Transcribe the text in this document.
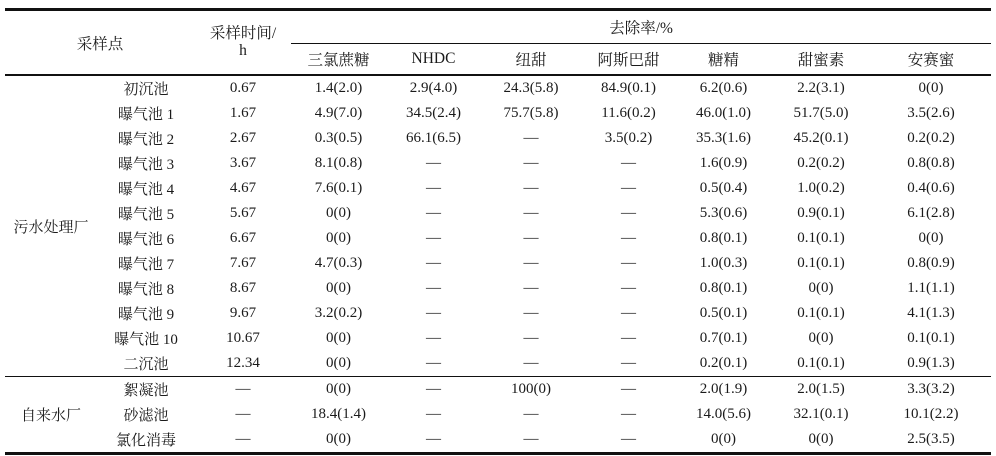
采样点		采样时间/
h	去除率/%						
			三氯蔗糖	NHDC	纽甜	阿斯巴甜	糖精	甜蜜素	安赛蜜
污水处理厂	初沉池	0.67	1.4(2.0)	2.9(4.0)	24.3(5.8)	84.9(0.1)	6.2(0.6)	2.2(3.1)	0(0)
	曝气池 1	1.67	4.9(7.0)	34.5(2.4)	75.7(5.8)	11.6(0.2)	46.0(1.0)	51.7(5.0)	3.5(2.6)
	曝气池 2	2.67	0.3(0.5)	66.1(6.5)	—	3.5(0.2)	35.3(1.6)	45.2(0.1)	0.2(0.2)
	曝气池 3	3.67	8.1(0.8)	—	—	—	1.6(0.9)	0.2(0.2)	0.8(0.8)
	曝气池 4	4.67	7.6(0.1)	—	—	—	0.5(0.4)	1.0(0.2)	0.4(0.6)
	曝气池 5	5.67	0(0)	—	—	—	5.3(0.6)	0.9(0.1)	6.1(2.8)
	曝气池 6	6.67	0(0)	—	—	—	0.8(0.1)	0.1(0.1)	0(0)
	曝气池 7	7.67	4.7(0.3)	—	—	—	1.0(0.3)	0.1(0.1)	0.8(0.9)
	曝气池 8	8.67	0(0)	—	—	—	0.8(0.1)	0(0)	1.1(1.1)
	曝气池 9	9.67	3.2(0.2)	—	—	—	0.5(0.1)	0.1(0.1)	4.1(1.3)
	曝气池 10	10.67	0(0)	—	—	—	0.7(0.1)	0(0)	0.1(0.1)
	二沉池	12.34	0(0)	—	—	—	0.2(0.1)	0.1(0.1)	0.9(1.3)
自来水厂	絮凝池	—	0(0)	—	100(0)	—	2.0(1.9)	2.0(1.5)	3.3(3.2)
	砂滤池	—	18.4(1.4)	—	—	—	14.0(5.6)	32.1(0.1)	10.1(2.2)
	氯化消毒	—	0(0)	—	—	—	0(0)	0(0)	2.5(3.5)
